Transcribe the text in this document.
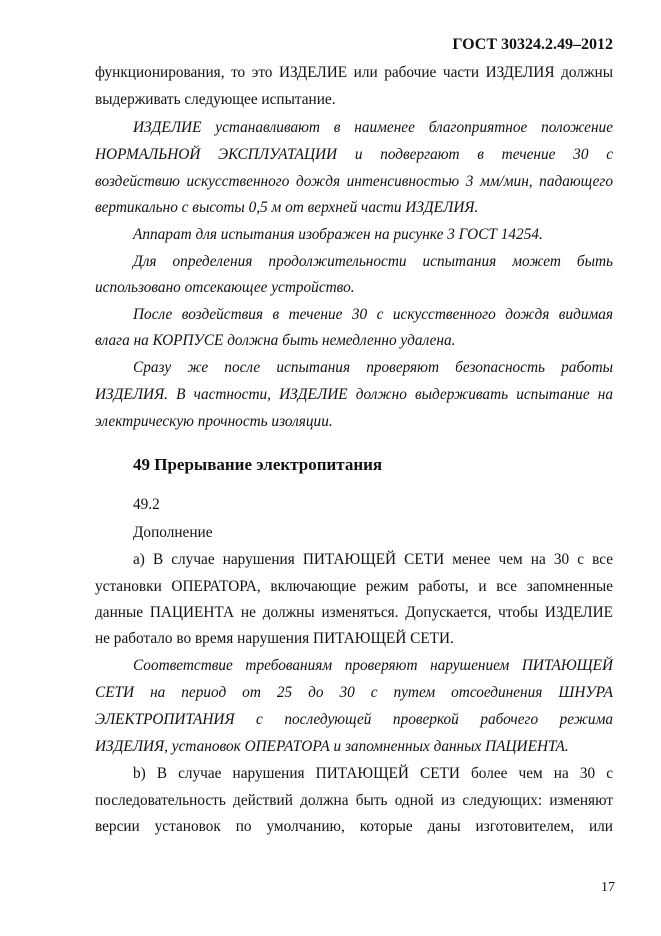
ГОСТ 30324.2.49–2012
функционирования, то это ИЗДЕЛИЕ или рабочие части ИЗДЕЛИЯ должны
выдерживать следующее испытание.
ИЗДЕЛИЕ устанавливают в наименее благоприятное положение
НОРМАЛЬНОЙ ЭКСПЛУАТАЦИИ и подвергают в течение 30 с
воздействию искусственного дождя интенсивностью 3 мм/мин, падающего
вертикально с высоты 0,5 м от верхней части ИЗДЕЛИЯ.
Аппарат для испытания изображен на рисунке 3 ГОСТ 14254.
Для определения продолжительности испытания может быть
использовано отсекающее устройство.
После воздействия в течение 30 с искусственного дождя видимая
влага на КОРПУСЕ должна быть немедленно удалена.
Сразу же после испытания проверяют безопасность работы
ИЗДЕЛИЯ. В частности, ИЗДЕЛИЕ должно выдерживать испытание на
электрическую прочность изоляции.
49 Прерывание электропитания
49.2
Дополнение
а) В случае нарушения ПИТАЮЩЕЙ СЕТИ менее чем на 30 с все
установки ОПЕРАТОРА, включающие режим работы, и все запомненные
данные ПАЦИЕНТА не должны изменяться. Допускается, чтобы ИЗДЕЛИЕ
не работало во время нарушения ПИТАЮЩЕЙ СЕТИ.
Соответствие требованиям проверяют нарушением ПИТАЮЩЕЙ
СЕТИ на период от 25 до 30 с путем отсоединения ШНУРА
ЭЛЕКТРОПИТАНИЯ с последующей проверкой рабочего режима
ИЗДЕЛИЯ, установок ОПЕРАТОРА и запомненных данных ПАЦИЕНТА.
b) В случае нарушения ПИТАЮЩЕЙ СЕТИ более чем на 30 с
последовательность действий должна быть одной из следующих: изменяют
версии установок по умолчанию, которые даны изготовителем, или
17
